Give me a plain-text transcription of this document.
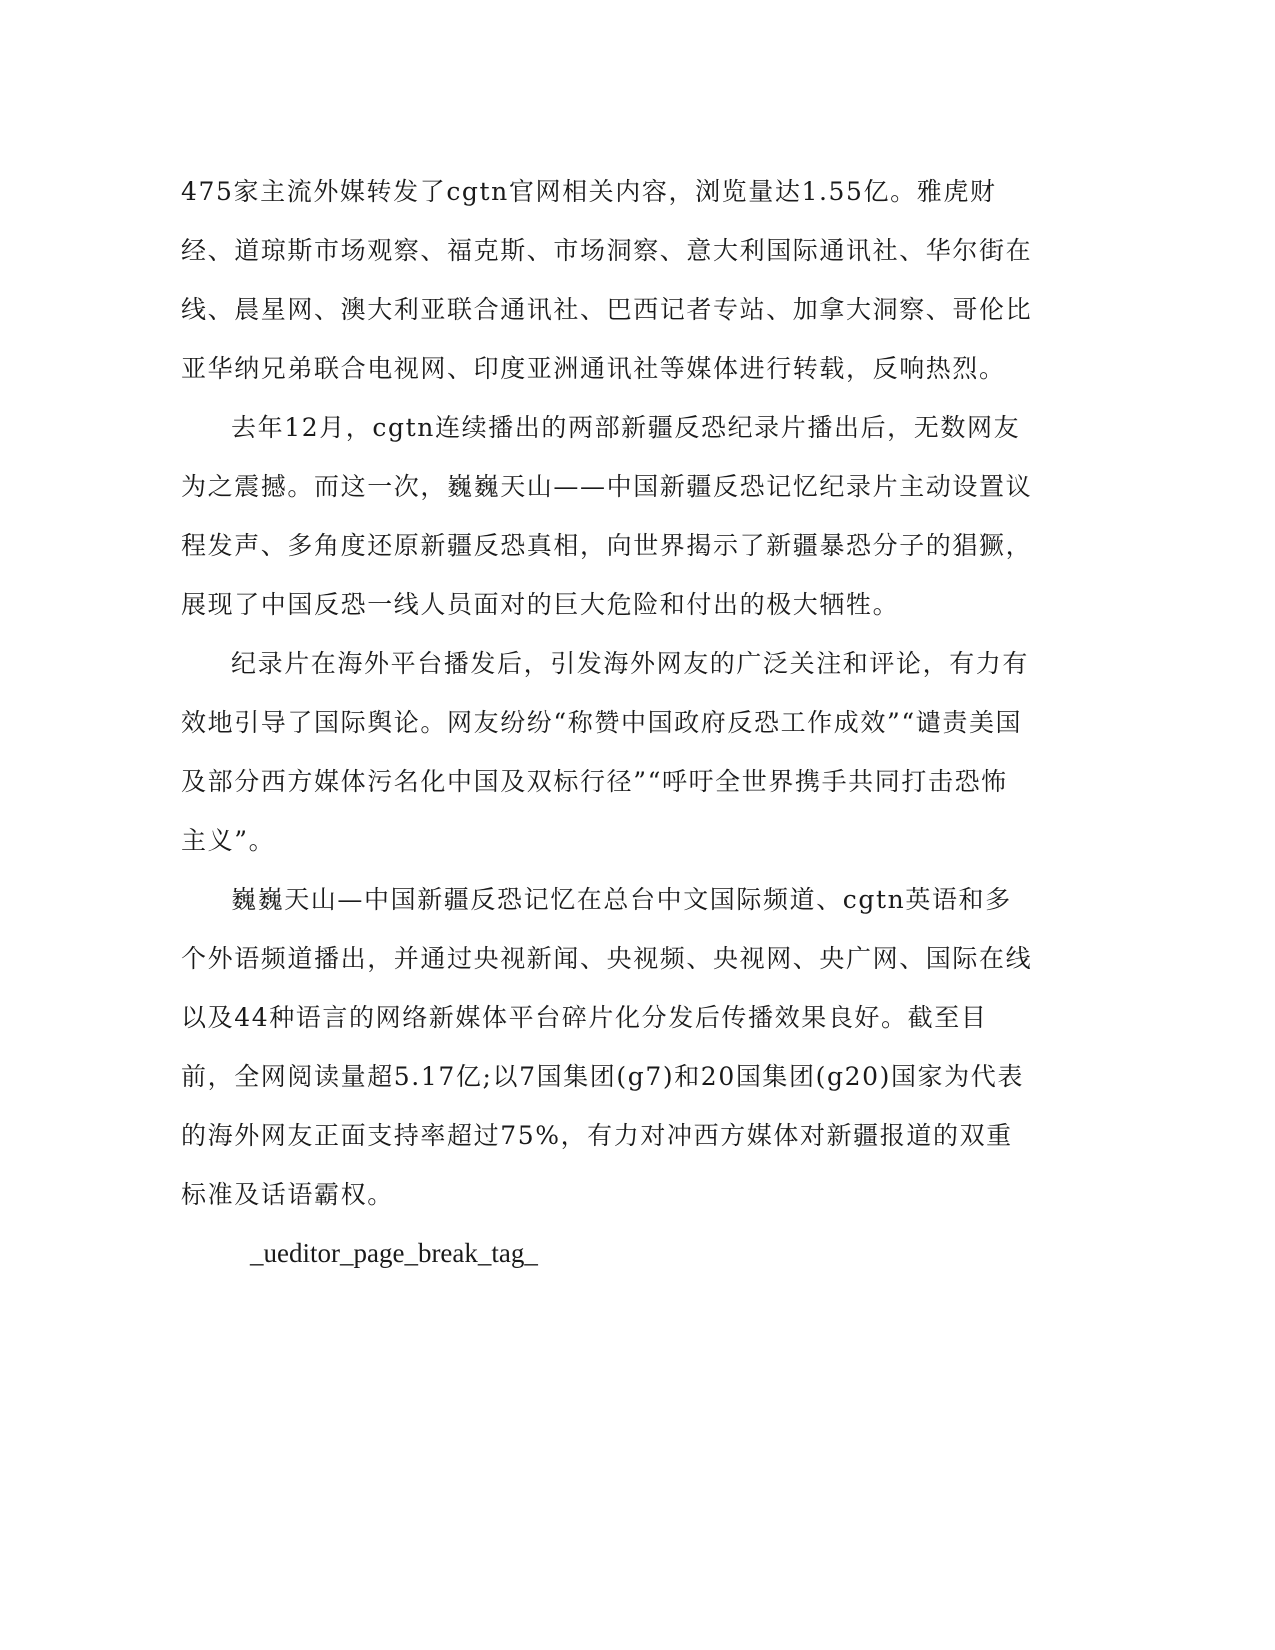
475家主流外媒转发了cgtn官网相关内容，浏览量达1.55亿。雅虎财经、道琼斯市场观察、福克斯、市场洞察、意大利国际通讯社、华尔街在线、晨星网、澳大利亚联合通讯社、巴西记者专站、加拿大洞察、哥伦比亚华纳兄弟联合电视网、印度亚洲通讯社等媒体进行转载，反响热烈。

去年12月，cgtn连续播出的两部新疆反恐纪录片播出后，无数网友为之震撼。而这一次，巍巍天山——中国新疆反恐记忆纪录片主动设置议程发声、多角度还原新疆反恐真相，向世界揭示了新疆暴恐分子的猖獗，展现了中国反恐一线人员面对的巨大危险和付出的极大牺牲。

纪录片在海外平台播发后，引发海外网友的广泛关注和评论，有力有效地引导了国际舆论。网友纷纷“称赞中国政府反恐工作成效”“谴责美国及部分西方媒体污名化中国及双标行径”“呼吁全世界携手共同打击恐怖主义”。

巍巍天山—中国新疆反恐记忆在总台中文国际频道、cgtn英语和多个外语频道播出，并通过央视新闻、央视频、央视网、央广网、国际在线以及44种语言的网络新媒体平台碎片化分发后传播效果良好。截至目前，全网阅读量超5.17亿;以7国集团(g7)和20国集团(g20)国家为代表的海外网友正面支持率超过75%，有力对冲西方媒体对新疆报道的双重标准及话语霸权。

_ueditor_page_break_tag_
